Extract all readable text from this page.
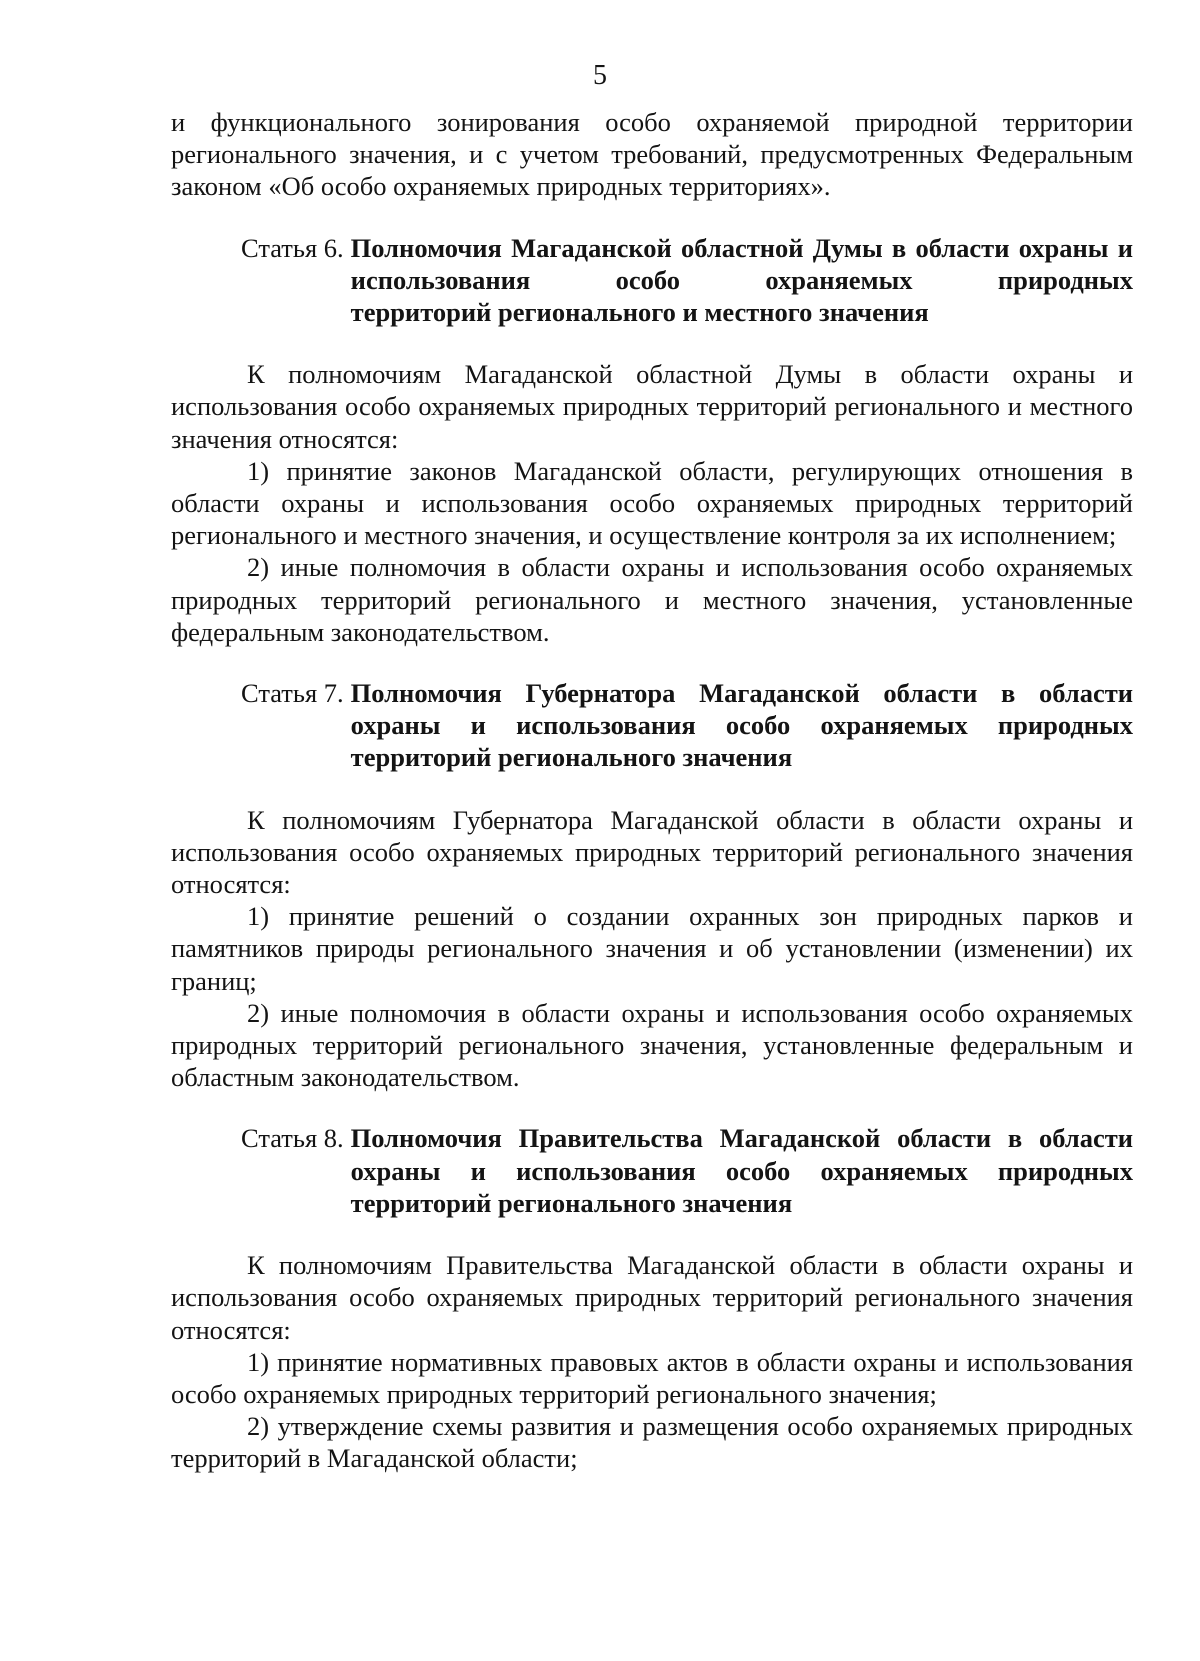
5

и функционального зонирования особо охраняемой природной территории регионального значения, и с учетом требований, предусмотренных Федеральным законом «Об особо охраняемых природных территориях».

Статья 6. Полномочия Магаданской областной Думы в области охраны и использования особо охраняемых природных
территорий регионального и местного значения

К полномочиям Магаданской областной Думы в области охраны и использования особо охраняемых природных территорий регионального и местного значения относятся:

1) принятие законов Магаданской области, регулирующих отношения в области охраны и использования особо охраняемых природных территорий регионального и местного значения, и осуществление контроля за их исполнением;

2) иные полномочия в области охраны и использования особо охраняемых природных территорий регионального и местного значения, установленные федеральным законодательством.

Статья 7. Полномочия Губернатора Магаданской области в области охраны и использования особо охраняемых природных
территорий регионального значения

К полномочиям Губернатора Магаданской области в области охраны и использования особо охраняемых природных территорий регионального значения относятся:

1) принятие решений о создании охранных зон природных парков и памятников природы регионального значения и об установлении (изменении) их границ;

2) иные полномочия в области охраны и использования особо охраняемых природных территорий регионального значения, установленные федеральным и областным законодательством.

Статья 8. Полномочия Правительства Магаданской области в области охраны и использования особо охраняемых природных
территорий регионального значения

К полномочиям Правительства Магаданской области в области охраны и использования особо охраняемых природных территорий регионального значения относятся:

1) принятие нормативных правовых актов в области охраны и использования особо охраняемых природных территорий регионального значения;

2) утверждение схемы развития и размещения особо охраняемых природных территорий в Магаданской области;
